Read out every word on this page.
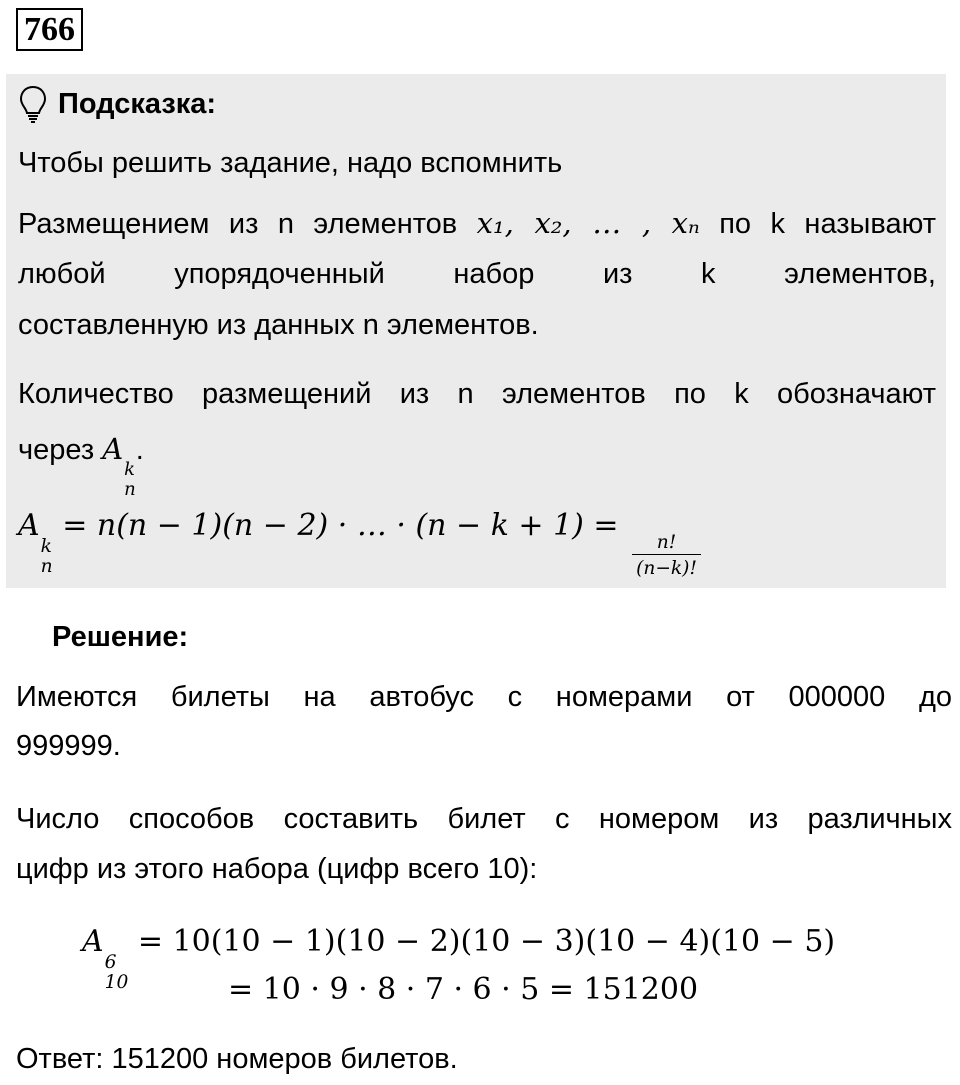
766
Подсказка:
Чтобы решить задание, надо вспомнить
Размещением из n элементов x₁, x₂, … , xₙ по k называют
любой упорядоченный набор из k элементов,
составленную из данных n элементов.
Количество размещений из n элементов по k обозначают
через A
k
n
.
A
k
n
= n(n − 1)(n − 2) · … · (n − k + 1) =
$\frac{n!}{(n-k)!}$
Решение:
Имеются билеты на автобус с номерами от 000000 до
999999.
Число способов составить билет с номером из различных
цифр из этого набора (цифр всего 10):
A
6
10
= 10(10 − 1)(10 − 2)(10 − 3)(10 − 4)(10 − 5)
= 10 · 9 · 8 · 7 · 6 · 5 = 151200
Ответ: 151200 номеров билетов.
